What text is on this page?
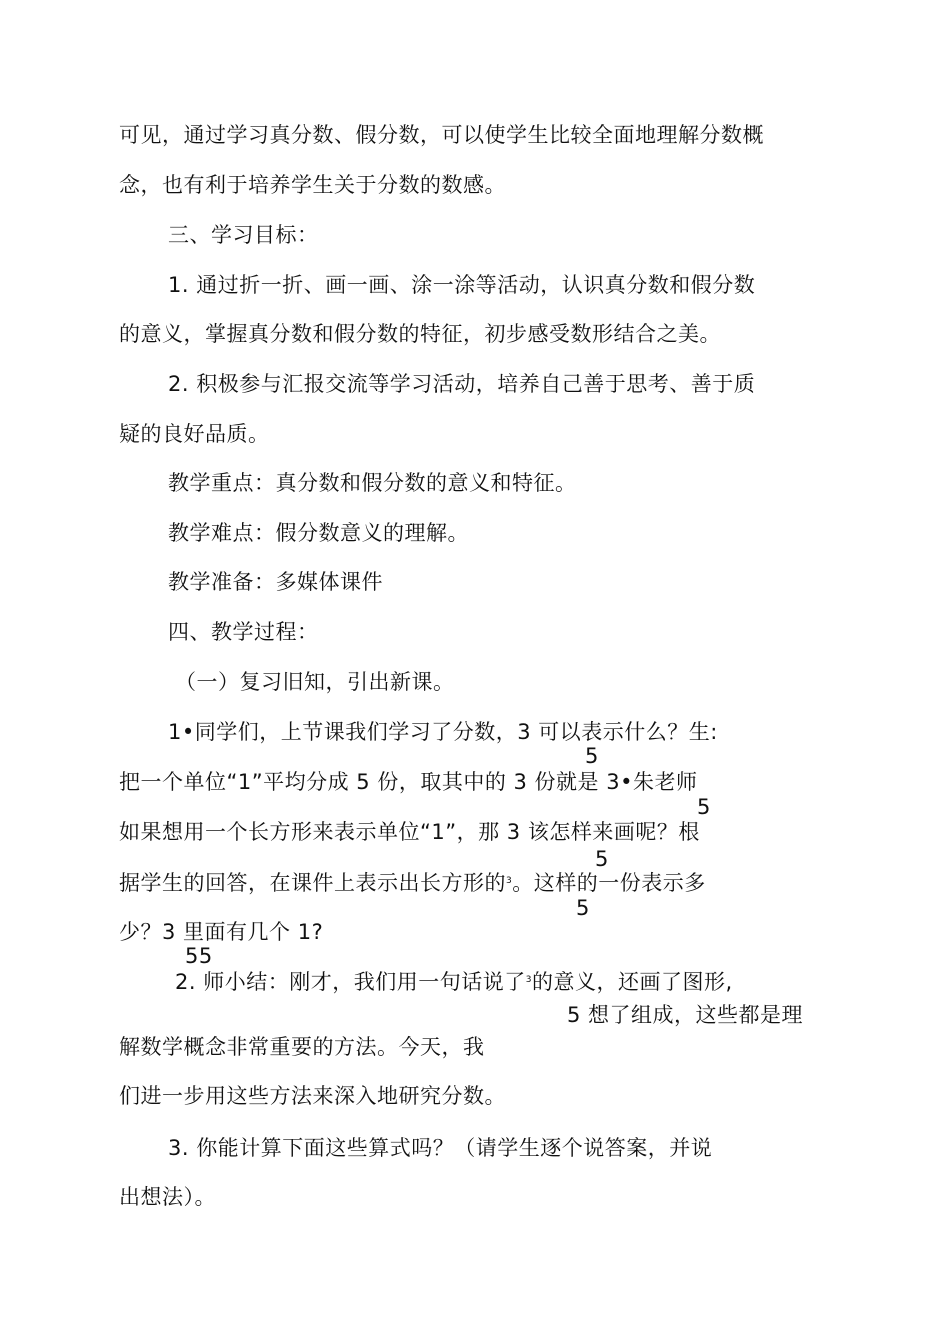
可见，通过学习真分数、假分数，可以使学生比较全面地理解分数概
念，也有利于培养学生关于分数的数感。
三、学习目标：
1. 通过折一折、画一画、涂一涂等活动，认识真分数和假分数
的意义，掌握真分数和假分数的特征，初步感受数形结合之美。
2. 积极参与汇报交流等学习活动，培养自己善于思考、善于质
疑的良好品质。
教学重点：真分数和假分数的意义和特征。
教学难点：假分数意义的理解。
教学准备：多媒体课件
四、教学过程：
（一）复习旧知，引出新课。
1•同学们，上节课我们学习了分数，3 可以表示什么？生:
5
把一个单位“1”平均分成 5 份，取其中的 3 份就是 3•朱老师
5
如果想用一个长方形来表示单位“1”，那 3 该怎样来画呢？根
5
据学生的回答，在课件上表示出长方形的$^3$。这样的一份表示多
5
少？3 里面有几个 1?
55
2. 师小结：刚才，我们用一句话说了$^3$的意义，还画了图形,
5 想了组成，这些都是理
解数学概念非常重要的方法。今天，我
们进一步用这些方法来深入地研究分数。
3. 你能计算下面这些算式吗？（请学生逐个说答案，并说
出想法）。
